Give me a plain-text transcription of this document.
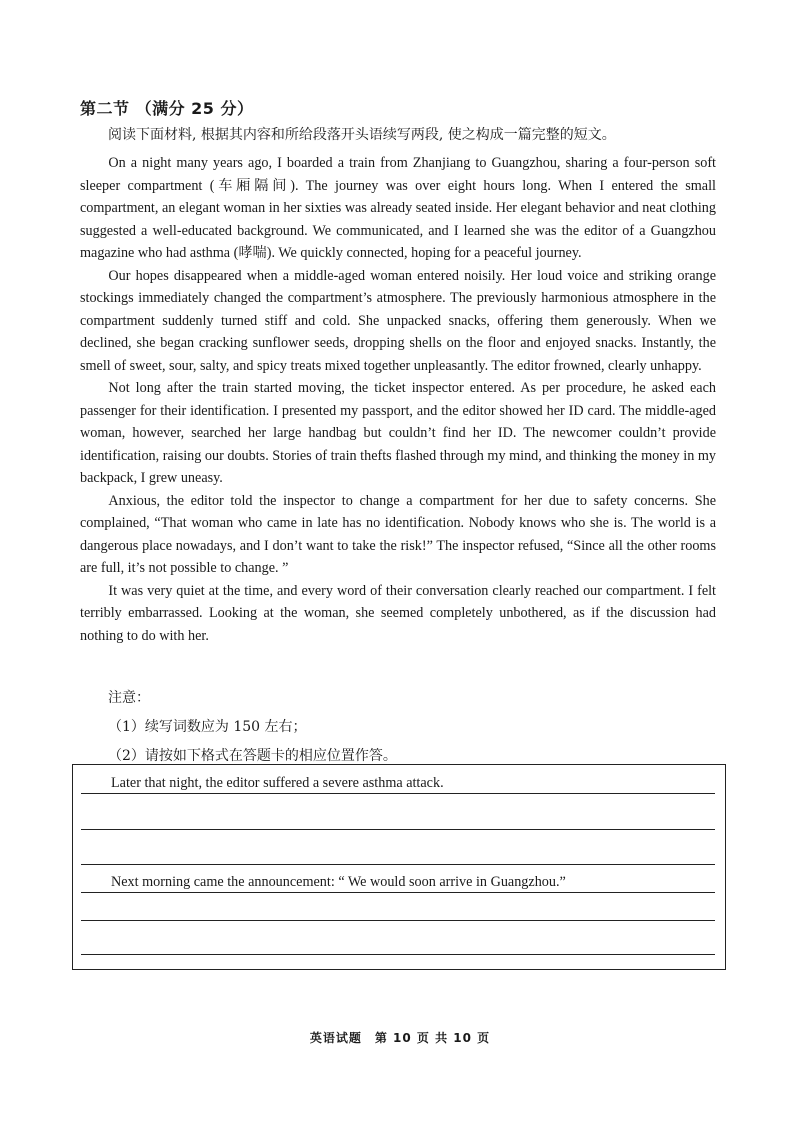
第二节 （满分 25 分）
阅读下面材料, 根据其内容和所给段落开头语续写两段, 使之构成一篇完整的短文。

On a night many years ago, I boarded a train from Zhanjiang to Guangzhou, sharing a four-person soft sleeper compartment (车厢隔间). The journey was over eight hours long. When I entered the small compartment, an elegant woman in her sixties was already seated inside. Her elegant behavior and neat clothing suggested a well-educated background. We communicated, and I learned she was the editor of a Guangzhou magazine who had asthma (哮喘). We quickly connected, hoping for a peaceful journey.

Our hopes disappeared when a middle-aged woman entered noisily. Her loud voice and striking orange stockings immediately changed the compartment’s atmosphere. The previously harmonious atmosphere in the compartment suddenly turned stiff and cold. She unpacked snacks, offering them generously. When we declined, she began cracking sunflower seeds, dropping shells on the floor and enjoyed snacks. Instantly, the smell of sweet, sour, salty, and spicy treats mixed together unpleasantly. The editor frowned, clearly unhappy.

Not long after the train started moving, the ticket inspector entered. As per procedure, he asked each passenger for their identification. I presented my passport, and the editor showed her ID card. The middle-aged woman, however, searched her large handbag but couldn’t find her ID. The newcomer couldn’t provide identification, raising our doubts. Stories of train thefts flashed through my mind, and thinking the money in my backpack, I grew uneasy.

Anxious, the editor told the inspector to change a compartment for her due to safety concerns. She complained, “That woman who came in late has no identification. Nobody knows who she is. The world is a dangerous place nowadays, and I don’t want to take the risk!” The inspector refused, “Since all the other rooms are full, it’s not possible to change. ”

It was very quiet at the time, and every word of their conversation clearly reached our compartment. I felt terribly embarrassed. Looking at the woman, she seemed completely unbothered, as if the discussion had nothing to do with her.

注意：
（1）续写词数应为 150 左右；
（2）请按如下格式在答题卡的相应位置作答。
Later that night, the editor suffered a severe asthma attack.
Next morning came the announcement: “ We would soon arrive in Guangzhou.”
英语试题　第 10 页 共 10 页
